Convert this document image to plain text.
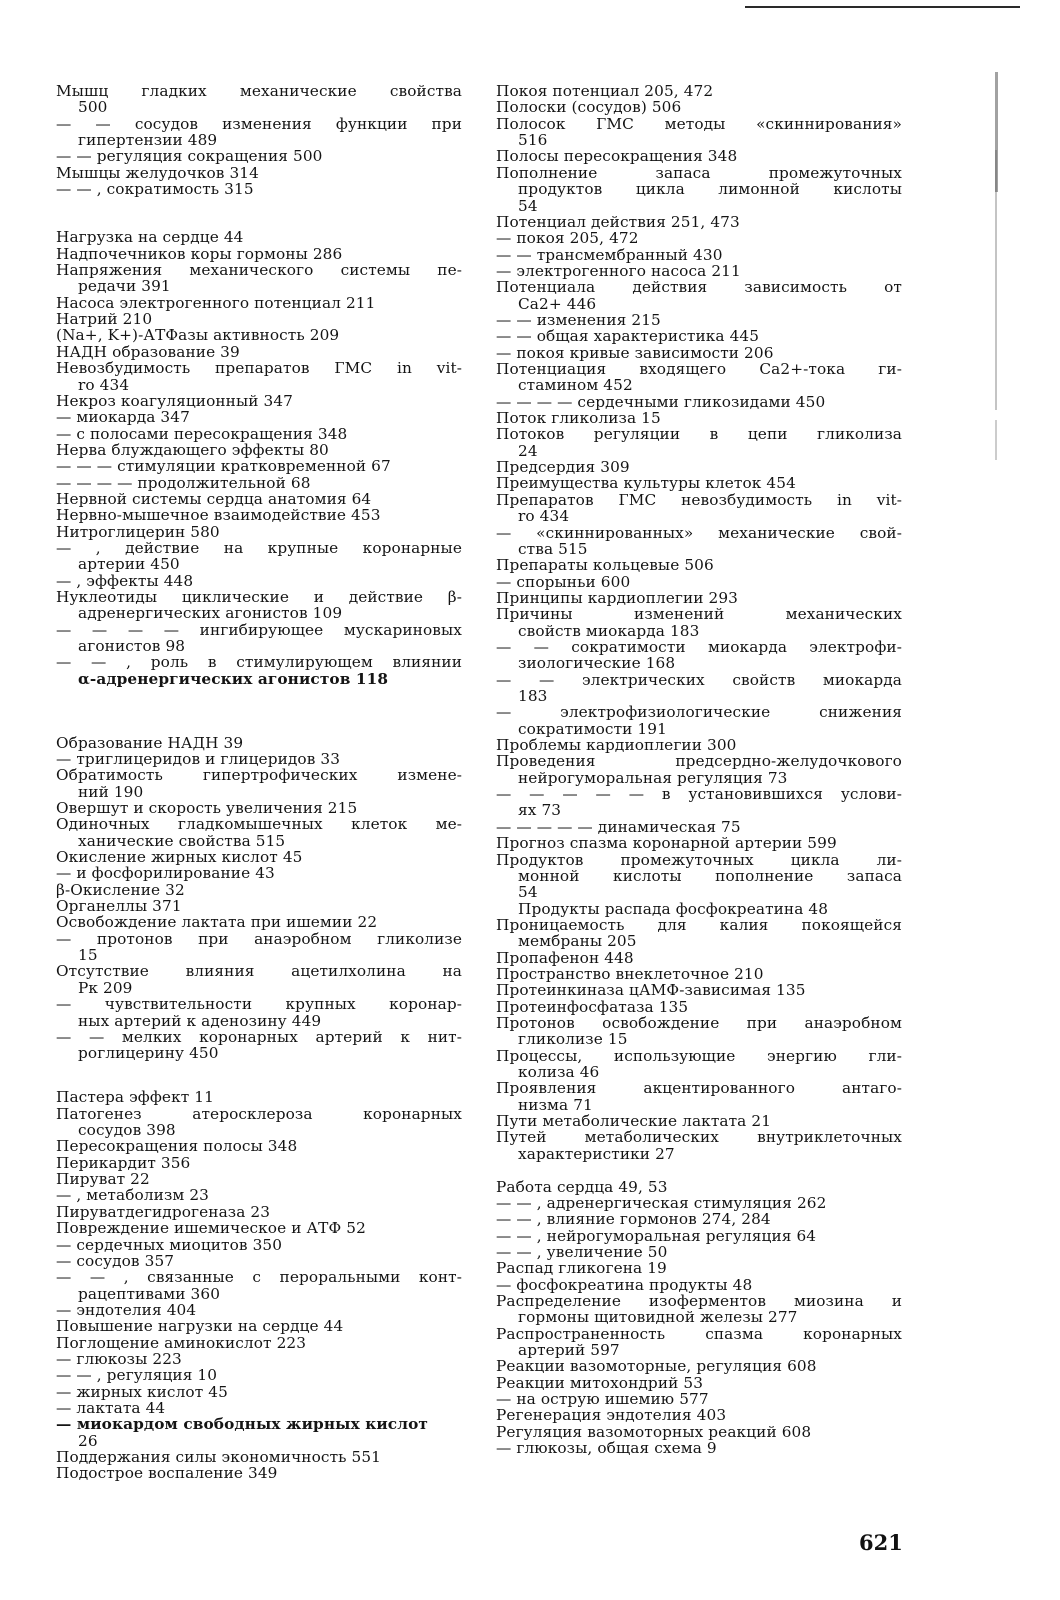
Мышц гладких механические свойства
500
— — сосудов изменения функции при
гипертензии 489
— — регуляция сокращения 500
Мышцы желудочков 314
— — , сократимость 315
Нагрузка на сердце 44
Надпочечников коры гормоны 286
Напряжения механического системы пе-
редачи 391
Насоса электрогенного потенциал 211
Натрий 210
(Na+, K+)-АТФазы активность 209
НАДН образование 39
Невозбудимость препаратов ГМС in vit-
ro 434
Некроз коагуляционный 347
— миокарда 347
— с полосами пересокращения 348
Нерва блуждающего эффекты 80
— — — стимуляции кратковременной 67
— — — — продолжительной 68
Нервной системы сердца анатомия 64
Нервно-мышечное взаимодействие 453
Нитроглицерин 580
— , действие на крупные коронарные
артерии 450
— , эффекты 448
Нуклеотиды циклические и действие β-
адренергических агонистов 109
— — — — ингибирующее мускариновых
агонистов 98
— — , роль в стимулирующем влиянии
α-адренергических агонистов 118
Образование НАДН 39
— триглицеридов и глицеридов 33
Обратимость гипертрофических измене-
ний 190
Овершут и скорость увеличения 215
Одиночных гладкомышечных клеток ме-
ханические свойства 515
Окисление жирных кислот 45
— и фосфорилирование 43
β-Окисление 32
Органеллы 371
Освобождение лактата при ишемии 22
— протонов при анаэробном гликолизе
15
Отсутствие влияния ацетилхолина на
Pк 209
— чувствительности крупных коронар-
ных артерий к аденозину 449
— — мелких коронарных артерий к нит-
роглицерину 450
Пастера эффект 11
Патогенез атеросклероза коронарных
сосудов 398
Пересокращения полосы 348
Перикардит 356
Пируват 22
— , метаболизм 23
Пируватдегидрогеназа 23
Повреждение ишемическое и АТФ 52
— сердечных миоцитов 350
— сосудов 357
— — , связанные с пероральными конт-
рацептивами 360
— эндотелия 404
Повышение нагрузки на сердце 44
Поглощение аминокислот 223
— глюкозы 223
— — , регуляция 10
— жирных кислот 45
— лактата 44
— миокардом свободных жирных кислот
26
Поддержания силы экономичность 551
Подострое воспаление 349
Покоя потенциал 205, 472
Полоски (сосудов) 506
Полосок ГМС методы «скиннирования»
516
Полосы пересокращения 348
Пополнение запаса промежуточных
продуктов цикла лимонной кислоты
54
Потенциал действия 251, 473
— покоя 205, 472
— — трансмембранный 430
— электрогенного насоса 211
Потенциала действия зависимость от
Ca2+ 446
— — изменения 215
— — общая характеристика 445
— покоя кривые зависимости 206
Потенциация входящего Ca2+-тока ги-
стамином 452
— — — — сердечными гликозидами 450
Поток гликолиза 15
Потоков регуляции в цепи гликолиза
24
Предсердия 309
Преимущества культуры клеток 454
Препаратов ГМС невозбудимость in vit-
ro 434
— «скиннированных» механические свой-
ства 515
Препараты кольцевые 506
— спорыньи 600
Принципы кардиоплегии 293
Причины изменений механических
свойств миокарда 183
— — сократимости миокарда электрофи-
зиологические 168
— — электрических свойств миокарда
183
— электрофизиологические снижения
сократимости 191
Проблемы кардиоплегии 300
Проведения предсердно-желудочкового
нейрогуморальная регуляция 73
— — — — — в установившихся услови-
ях 73
— — — — — динамическая 75
Прогноз спазма коронарной артерии 599
Продуктов промежуточных цикла ли-
монной кислоты пополнение запаса
54
Продукты распада фосфокреатина 48
Проницаемость для калия покоящейся
мембраны 205
Пропафенон 448
Пространство внеклеточное 210
Протеинкиназа цАМФ-зависимая 135
Протеинфосфатаза 135
Протонов освобождение при анаэробном
гликолизе 15
Процессы, использующие энергию гли-
колиза 46
Проявления акцентированного антаго-
низма 71
Пути метаболические лактата 21
Путей метаболических внутриклеточных
характеристики 27
Работа сердца 49, 53
— — , адренергическая стимуляция 262
— — , влияние гормонов 274, 284
— — , нейрогуморальная регуляция 64
— — , увеличение 50
Распад гликогена 19
— фосфокреатина продукты 48
Распределение изоферментов миозина и
гормоны щитовидной железы 277
Распространенность спазма коронарных
артерий 597
Реакции вазомоторные, регуляция 608
Реакции митохондрий 53
— на острую ишемию 577
Регенерация эндотелия 403
Регуляция вазомоторных реакций 608
— глюкозы, общая схема 9
621
